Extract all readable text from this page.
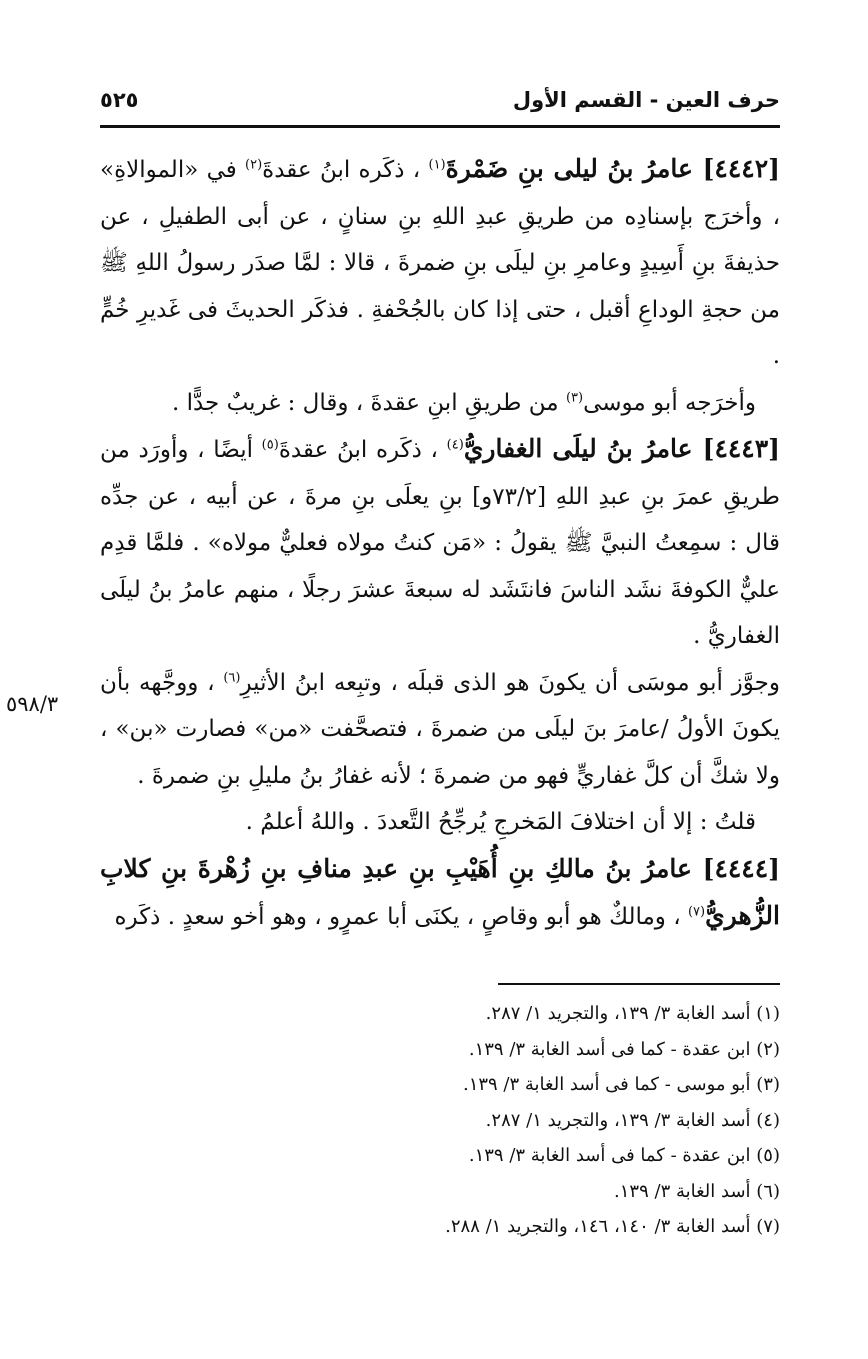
حرف العين - القسم الأول
٥٢٥

[٤٤٤٢] عامرُ بنُ ليلى بنِ ضَمْرةَ$^{(١)}$ ، ذكَره ابنُ عقدةَ$^{(٢)}$ في «الموالاةِ» ، وأخرَج بإسنادِه من طريقِ عبدِ اللهِ بنِ سنانٍ ، عن أبى الطفيلِ ، عن حذيفةَ بنِ أَسِيدٍ وعامرِ بنِ ليلَى بنِ ضمرةَ ، قالا : لمَّا صدَر رسولُ اللهِ ﷺ من حجةِ الوداعِ أقبل ، حتى إذا كان بالجُحْفةِ . فذكَر الحديثَ فى غَديرِ خُمٍّ .

وأخرَجه أبو موسى$^{(٣)}$ من طريقِ ابنِ عقدةَ ، وقال : غريبٌ جدًّا .

[٤٤٤٣] عامرُ بنُ ليلَى الغفاريُّ$^{(٤)}$ ، ذكَره ابنُ عقدةَ$^{(٥)}$ أيضًا ، وأورَد من طريقِ عمرَ بنِ عبدِ اللهِ [٧٣/٢و] بنِ يعلَى بنِ مرةَ ، عن أبيه ، عن جدِّه قال : سمِعتُ النبيَّ ﷺ يقولُ : «مَن كنتُ مولاه فعليٌّ مولاه» . فلمَّا قدِم عليٌّ الكوفةَ نشَد الناسَ فانتَشَد له سبعةَ عشرَ رجلًا ، منهم عامرُ بنُ ليلَى الغفاريُّ .

وجوَّز أبو موسَى أن يكونَ هو الذى قبلَه ، وتبِعه ابنُ الأثيرِ$^{(٦)}$ ، ووجَّهه بأن يكونَ الأولُ /عامرَ بنَ ليلَى من ضمرةَ ، فتصحَّفت «من» فصارت «بن» ، ولا شكَّ أن كلَّ غفاريٍّ فهو من ضمرةَ ؛ لأنه غفارُ بنُ مليلِ بنِ ضمرةَ .

قلتُ : إلا أن اختلافَ المَخرجِ يُرجِّحُ التَّعددَ . واللهُ أعلمُ .

[٤٤٤٤] عامرُ بنُ مالكِ بنِ أُهَيْبِ بنِ عبدِ منافِ بنِ زُهْرةَ بنِ كلابِ الزُّهريُّ$^{(٧)}$ ، ومالكٌ هو أبو وقاصٍ ، يكنَى أبا عمرٍو ، وهو أخو سعدٍ . ذكَره

٥٩٨/٣
(١) أسد الغابة ٣/ ١٣٩، والتجريد ١/ ٢٨٧.
(٢) ابن عقدة - كما فى أسد الغابة ٣/ ١٣٩.
(٣) أبو موسى - كما فى أسد الغابة ٣/ ١٣٩.
(٤) أسد الغابة ٣/ ١٣٩، والتجريد ١/ ٢٨٧.
(٥) ابن عقدة - كما فى أسد الغابة ٣/ ١٣٩.
(٦) أسد الغابة ٣/ ١٣٩.
(٧) أسد الغابة ٣/ ١٤٠، ١٤٦، والتجريد ١/ ٢٨٨.
